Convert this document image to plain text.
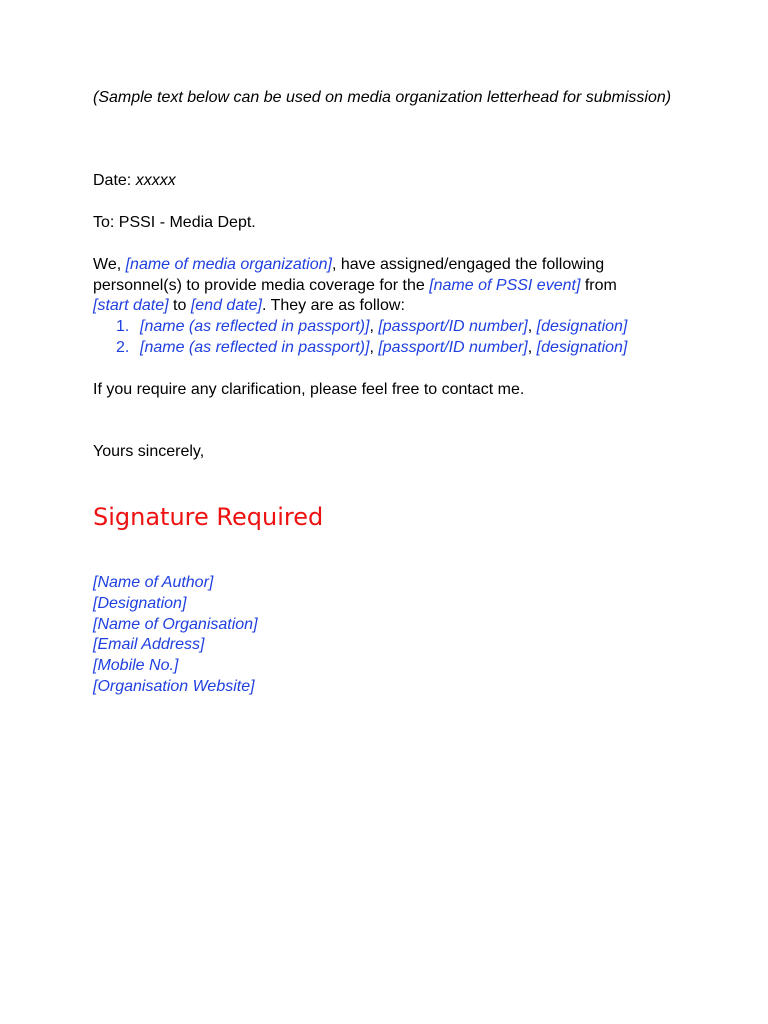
(Sample text below can be used on media organization letterhead for submission)
Date: xxxxx
To: PSSI - Media Dept.
We, [name of media organization], have assigned/engaged the following personnel(s) to provide media coverage for the [name of PSSI event] from [start date] to [end date]. They are as follow:
1. [name (as reflected in passport)], [passport/ID number], [designation]
2. [name (as reflected in passport)], [passport/ID number], [designation]
If you require any clarification, please feel free to contact me.
Yours sincerely,
Signature Required
[Name of Author]
[Designation]
[Name of Organisation]
[Email Address]
[Mobile No.]
[Organisation Website]
